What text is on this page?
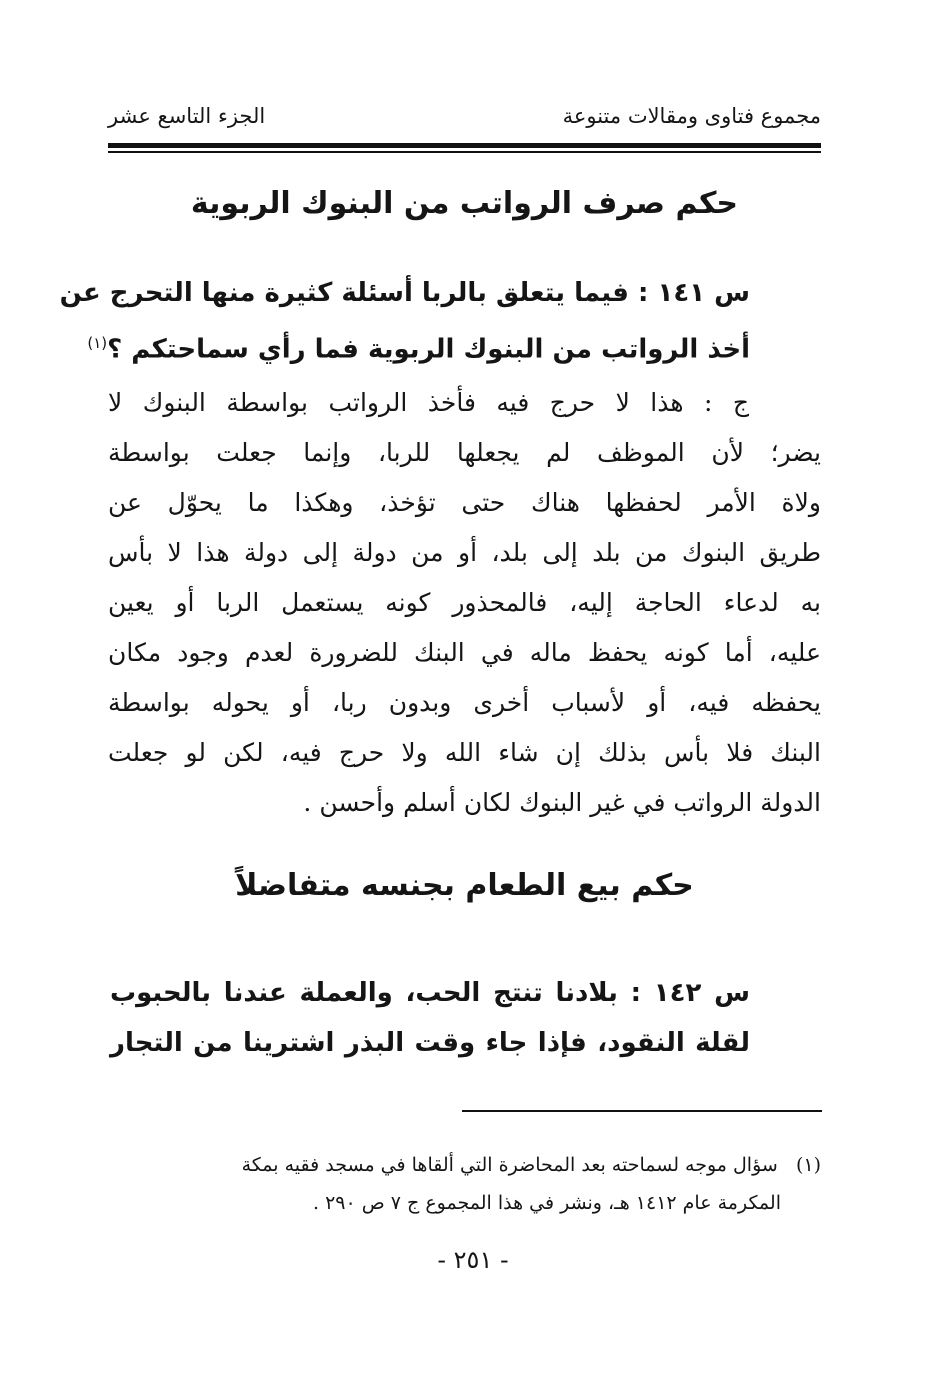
مجموع فتاوى ومقالات متنوعة
الجزء التاسع عشر
حكم صرف الرواتب من البنوك الربوية
س ١٤١ : فيما يتعلق بالربا أسئلة كثيرة منها التحرج عن
أخذ الرواتب من البنوك الربوية فما رأي سماحتكم ؟$^{(١)}$
ج : هذا لا حرج فيه فأخذ الرواتب بواسطة البنوك لا
يضر؛ لأن الموظف لم يجعلها للربا، وإنما جعلت بواسطة
ولاة الأمر لحفظها هناك حتى تؤخذ، وهكذا ما يحوّل عن
طريق البنوك من بلد إلى بلد، أو من دولة إلى دولة هذا لا بأس
به لدعاء الحاجة إليه، فالمحذور كونه يستعمل الربا أو يعين
عليه، أما كونه يحفظ ماله في البنك للضرورة لعدم وجود مكان
يحفظه فيه، أو لأسباب أخرى وبدون ربا، أو يحوله بواسطة
البنك فلا بأس بذلك إن شاء الله ولا حرج فيه، لكن لو جعلت
الدولة الرواتب في غير البنوك لكان أسلم وأحسن .
حكم بيع الطعام بجنسه متفاضلاً
س ١٤٢ : بلادنا تنتج الحب، والعملة عندنا بالحبوب
لقلة النقود، فإذا جاء وقت البذر اشترينا من التجار
(١)   سؤال موجه لسماحته بعد المحاضرة التي ألقاها في مسجد فقيه بمكة
المكرمة عام ١٤١٢ هـ، ونشر في هذا المجموع ج ٧ ص ٢٩٠ .
- ٢٥١ -
